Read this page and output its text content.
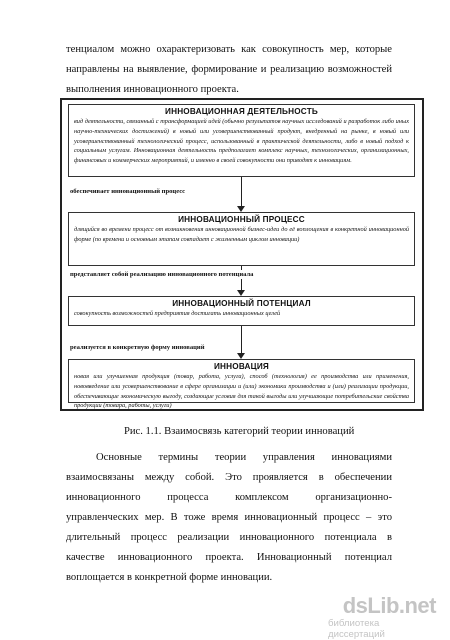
тенциалом можно охарактеризовать как совокупность мер, которые направлены на выявление, формирование и реализацию возможностей выполнения инновационного проекта.

ИННОВАЦИОННАЯ ДЕЯТЕЛЬНОСТЬ
вид деятельности, связанный с трансформацией идей (обычно результатов научных исследований и разработок либо иных научно-технических достижений) в новый или усовершенствованный продукт, внедренный на рынке, в новый или усовершенствованный технологический процесс, использованный в практической деятельности, либо в новый подход к социальным услугам. Инновационная деятельность предполагает комплекс научных, технологических, организационных, финансовых и коммерческих мероприятий, и именно в своей совокупности они приводят к инновациям.
обеспечивает инновационный процесс
ИННОВАЦИОННЫЙ ПРОЦЕСС
длящийся во времени процесс от возникновения инновационной бизнес-идеи до её воплощения в конкретной инновационной форме (по времени и основным этапам совпадает с жизненным циклом инновации)
представляет собой реализацию инновационного потенциала
ИННОВАЦИОННЫЙ ПОТЕНЦИАЛ
совокупность возможностей предприятия достигать инновационных целей
реализуется в конкретную форму инноваций
ИННОВАЦИЯ
новая или улучшенная продукция (товар, работа, услуга), способ (технология) ее производства или применения, нововведение или усовершенствование в сфере организации и (или) экономики производства и (или) реализации продукции, обеспечивающие экономическую выгоду, создающие условия для такой выгоды или улучшающие потребительские свойства продукции (товара, работы, услуги)
Рис. 1.1. Взаимосвязь категорий теории инноваций

Основные термины теории управления инновациями взаимосвязаны между собой. Это проявляется в обеспечении инновационного процесса комплексом организационно-управленческих мер. В тоже время инновационный процесс – это длительный процесс реализации инновационного потенциала в качестве инновационного проекта. Инновационный потенциал воплощается в конкретной форме инновации.

dsLib.net
библиотека диссертаций
